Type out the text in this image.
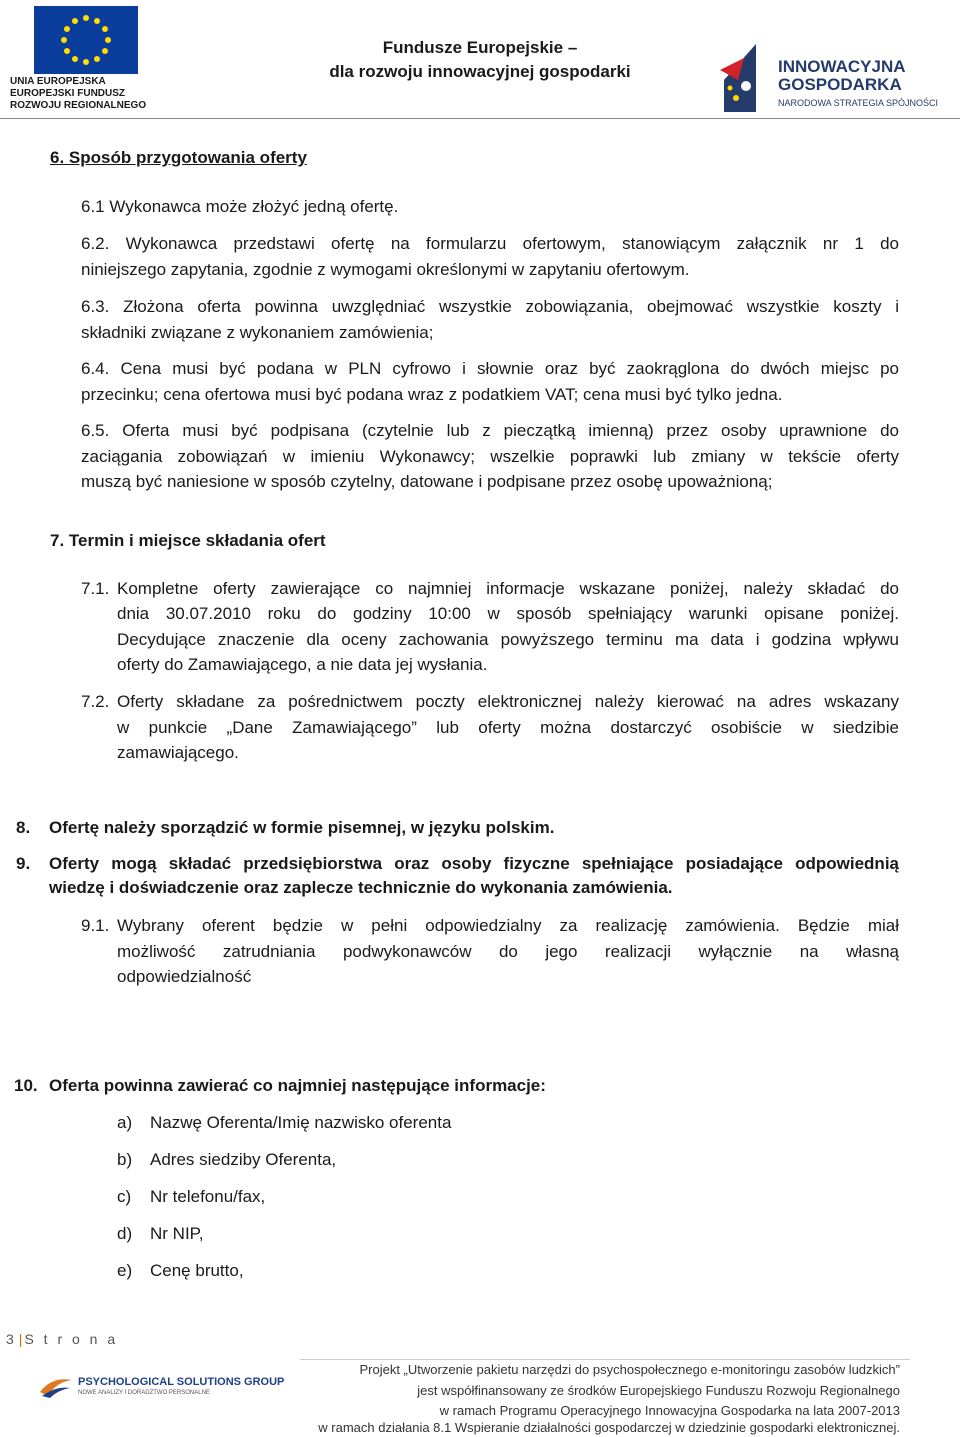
UNIA EUROPEJSKA
EUROPEJSKI FUNDUSZ
ROZWOJU REGIONALNEGO
Fundusze Europejskie –
dla rozwoju innowacyjnej gospodarki	INNOWACYJNA
GOSPODARKA
NARODOWA STRATEGIA SPÓJNOŚCI
6. Sposób przygotowania oferty
6.1 Wykonawca może złożyć jedną ofertę.
6.2. Wykonawca przedstawi ofertę na formularzu ofertowym, stanowiącym załącznik nr 1 do
niniejszego zapytania, zgodnie z wymogami określonymi w zapytaniu ofertowym.
6.3. Złożona oferta powinna uwzględniać wszystkie zobowiązania, obejmować wszystkie koszty i
składniki związane z wykonaniem zamówienia;
6.4. Cena musi być podana w PLN cyfrowo i słownie oraz być zaokrąglona do dwóch miejsc po
przecinku; cena ofertowa musi być podana wraz z podatkiem VAT; cena musi być tylko jedna.
6.5. Oferta musi być podpisana (czytelnie lub z pieczątką imienną) przez osoby uprawnione do
zaciągania zobowiązań w imieniu Wykonawcy; wszelkie poprawki lub zmiany w tekście oferty
muszą być naniesione w sposób czytelny, datowane i podpisane przez osobę upoważnioną;
7. Termin i miejsce składania ofert
7.1. Kompletne oferty zawierające co najmniej informacje wskazane poniżej, należy składać do
dnia 30.07.2010 roku do godziny 10:00 w sposób spełniający warunki opisane poniżej.
Decydujące znaczenie dla oceny zachowania powyższego terminu ma data i godzina wpływu
oferty do Zamawiającego, a nie data jej wysłania.
7.2. Oferty składane za pośrednictwem poczty elektronicznej należy kierować na adres wskazany
w punkcie „Dane Zamawiającego” lub oferty można dostarczyć osobiście w siedzibie
zamawiającego.
8. Ofertę należy sporządzić w formie pisemnej, w języku polskim.
9. Oferty mogą składać przedsiębiorstwa oraz osoby fizyczne spełniające posiadające odpowiednią
wiedzę i doświadczenie oraz zaplecze technicznie do wykonania zamówienia.
9.1. Wybrany oferent będzie w pełni odpowiedzialny za realizację zamówienia. Będzie miał
możliwość zatrudniania podwykonawców do jego realizacji wyłącznie na własną
odpowiedzialność
10. Oferta powinna zawierać co najmniej następujące informacje:
a) Nazwę Oferenta/Imię nazwisko oferenta
b) Adres siedziby Oferenta,
c) Nr telefonu/fax,
d) Nr NIP,
e) Cenę brutto,
3 | S t r o n a
PSYCHOLOGICAL SOLUTIONS GROUP
NOWE ANALIZY I DORADZTWO PERSONALNE
Projekt „Utworzenie pakietu narzędzi do psychospołecznego e-monitoringu zasobów ludzkich”
jest współfinansowany ze środków Europejskiego Funduszu Rozwoju Regionalnego
w ramach Programu Operacyjnego Innowacyjna Gospodarka na lata 2007-2013
w ramach działania 8.1 Wspieranie działalności gospodarczej w dziedzinie gospodarki elektronicznej.
